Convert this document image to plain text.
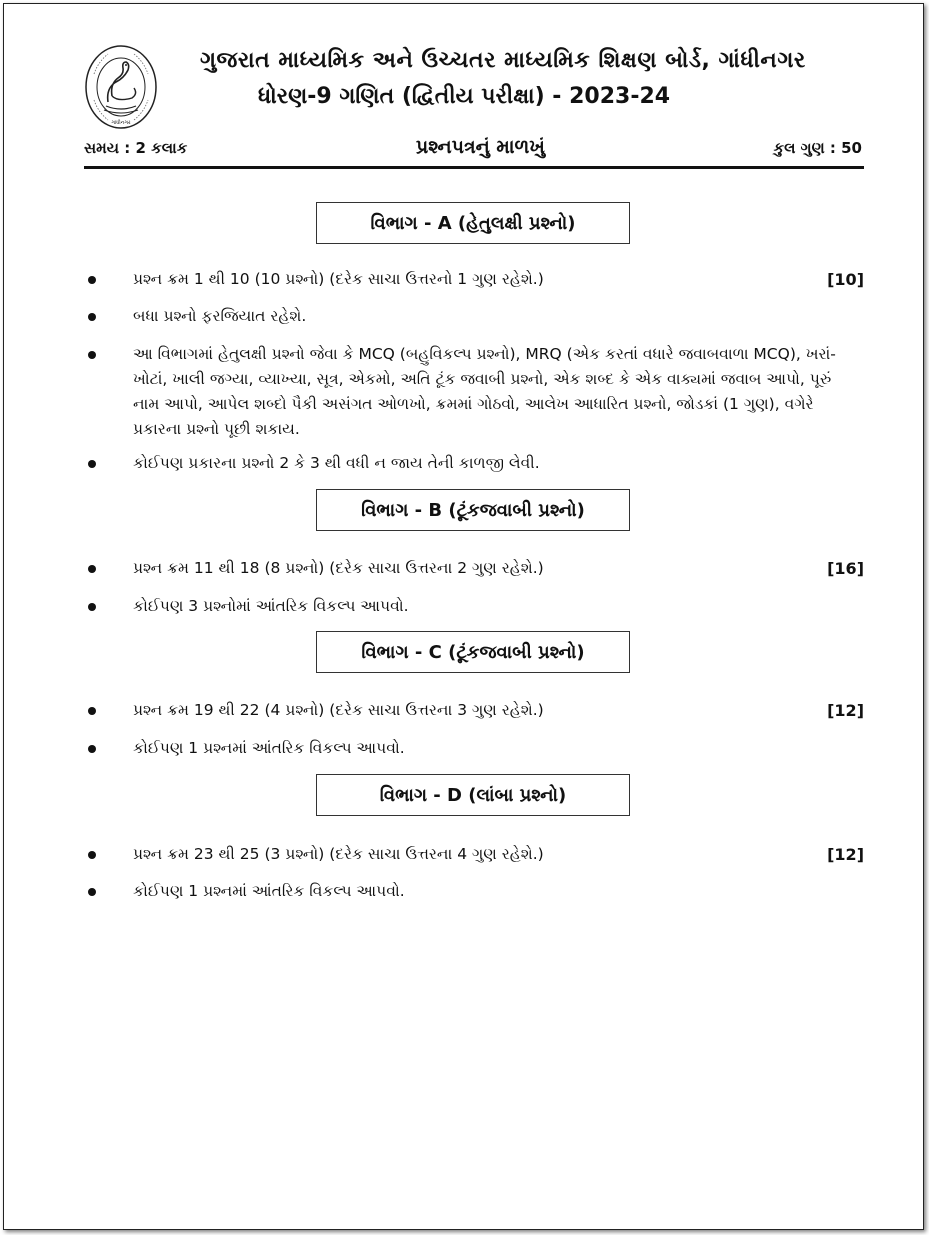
ગાંધીનગર
ગુજરાત માધ્યમિક અને ઉચ્ચતર માધ્યમિક શિક્ષણ બોર્ડ, ગાંધીનગર
ધોરણ-9 ગણિત (દ્વિતીય પરીક્ષા) - 2023-24
સમય : 2 કલાક	પ્રશ્નપત્રનું માળખું	કુલ ગુણ : 50
વિભાગ - A (હેતુલક્ષી પ્રશ્નો)
પ્રશ્ન ક્રમ 1 થી 10 (10 પ્રશ્નો) (દરેક સાચા ઉત્તરનો 1 ગુણ રહેશે.)	[10]
બધા પ્રશ્નો ફરજિયાત રહેશે.
આ વિભાગમાં હેતુલક્ષી પ્રશ્નો જેવા કે MCQ (બહુવિકલ્પ પ્રશ્નો), MRQ (એક કરતાં વધારે જવાબવાળા MCQ), ખરાં-ખોટાં, ખાલી જગ્યા, વ્યાખ્યા, સૂત્ર, એકમો, અતિ ટૂંક જવાબી પ્રશ્નો, એક શબ્દ કે એક વાક્યમાં જવાબ આપો, પૂરું નામ આપો, આપેલ શબ્દો પૈકી અસંગત ઓળખો, ક્રમમાં ગોઠવો, આલેખ આધારિત પ્રશ્નો, જોડકાં (1 ગુણ), વગેરે પ્રકારના પ્રશ્નો પૂછી શકાય.
કોઈપણ પ્રકારના પ્રશ્નો 2 કે 3 થી વધી ન જાય તેની કાળજી લેવી.
વિભાગ - B (ટૂંકજવાબી પ્રશ્નો)
પ્રશ્ન ક્રમ 11 થી 18 (8 પ્રશ્નો) (દરેક સાચા ઉત્તરના 2 ગુણ રહેશે.)	[16]
કોઈપણ 3 પ્રશ્નોમાં આંતરિક વિકલ્પ આપવો.
વિભાગ - C (ટૂંકજવાબી પ્રશ્નો)
પ્રશ્ન ક્રમ 19 થી 22 (4 પ્રશ્નો) (દરેક સાચા ઉત્તરના 3 ગુણ રહેશે.)	[12]
કોઈપણ 1 પ્રશ્નમાં આંતરિક વિકલ્પ આપવો.
વિભાગ - D (લાંબા પ્રશ્નો)
પ્રશ્ન ક્રમ 23 થી 25 (3 પ્રશ્નો) (દરેક સાચા ઉત્તરના 4 ગુણ રહેશે.)	[12]
કોઈપણ 1 પ્રશ્નમાં આંતરિક વિકલ્પ આપવો.
